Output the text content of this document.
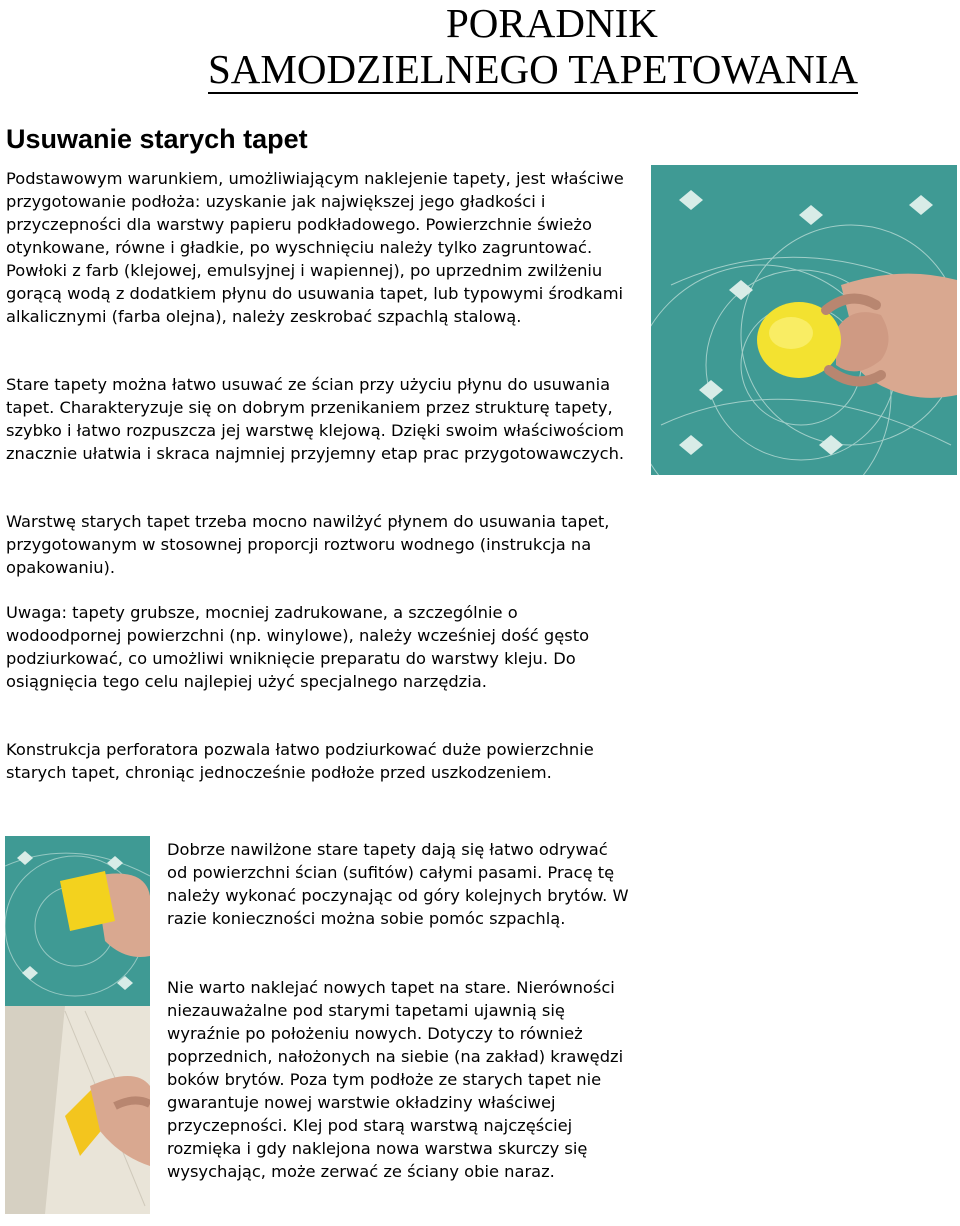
PORADNIK
SAMODZIELNEGO TAPETOWANIA
Usuwanie starych tapet

Podstawowym warunkiem, umożliwiającym naklejenie tapety, jest właściwe przygotowanie podłoża: uzyskanie jak największej jego gładkości i przyczepności dla warstwy papieru podkładowego. Powierzchnie świeżo otynkowane, równe i gładkie, po wyschnięciu należy tylko zagruntować. Powłoki z farb (klejowej, emulsyjnej i wapiennej), po uprzednim zwilżeniu gorącą wodą z dodatkiem płynu do usuwania tapet, lub typowymi środkami alkalicznymi (farba olejna), należy zeskrobać szpachlą stalową.

Stare tapety można łatwo usuwać ze ścian przy użyciu płynu do usuwania tapet. Charakteryzuje się on dobrym przenikaniem przez strukturę tapety, szybko i łatwo rozpuszcza jej warstwę klejową. Dzięki swoim właściwościom znacznie ułatwia i skraca najmniej przyjemny etap prac przygotowawczych.

Warstwę starych tapet trzeba mocno nawilżyć płynem do usuwania tapet, przygotowanym w stosownej proporcji roztworu wodnego (instrukcja na opakowaniu).

Uwaga: tapety grubsze, mocniej zadrukowane, a szczególnie o wodoodpornej powierzchni (np. winylowe), należy wcześniej dość gęsto podziurkować, co umożliwi wniknięcie preparatu do warstwy kleju. Do osiągnięcia tego celu najlepiej użyć specjalnego narzędzia.

Konstrukcja perforatora pozwala łatwo podziurkować duże powierzchnie starych tapet, chroniąc jednocześnie podłoże przed uszkodzeniem.

Dobrze nawilżone stare tapety dają się łatwo odrywać od powierzchni ścian (sufitów) całymi pasami. Pracę tę należy wykonać poczynając od góry kolejnych brytów. W razie konieczności można sobie pomóc szpachlą.

Nie warto naklejać nowych tapet na stare. Nierówności niezauważalne pod starymi tapetami ujawnią się wyraźnie po położeniu nowych. Dotyczy to również poprzednich, nałożonych na siebie (na zakład) krawędzi boków brytów. Poza tym podłoże ze starych tapet nie gwarantuje nowej warstwie okładziny właściwej przyczepności. Klej pod starą warstwą najczęściej rozmięka i gdy naklejona nowa warstwa skurczy się wysychając, może zerwać ze ściany obie naraz.
